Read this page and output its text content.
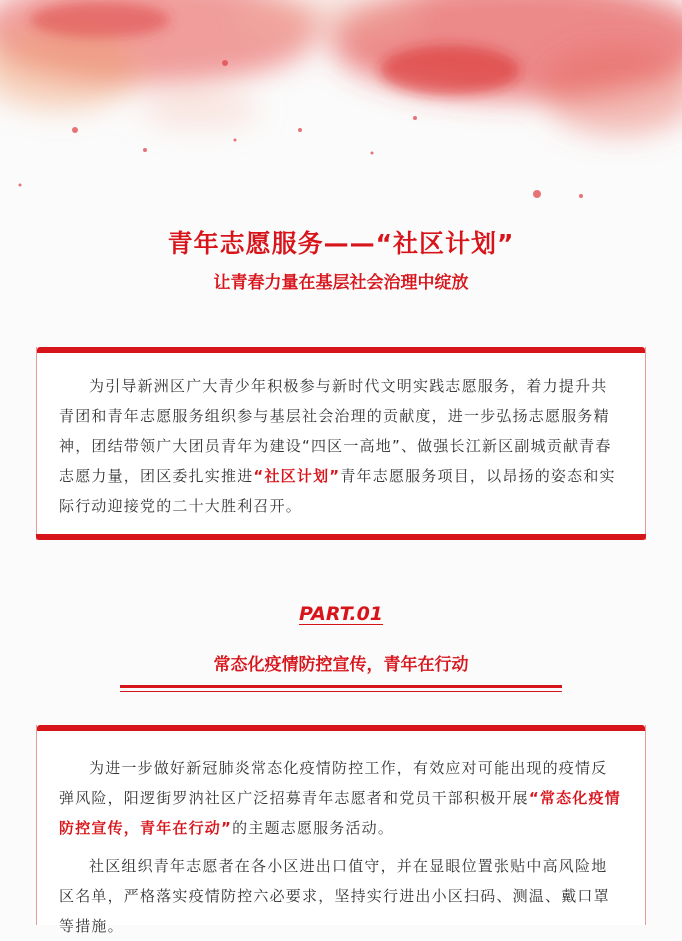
青年志愿服务——“社区计划”
让青春力量在基层社会治理中绽放

为引导新洲区广大青少年积极参与新时代文明实践志愿服务，着力提升共青团和青年志愿服务组织参与基层社会治理的贡献度，进一步弘扬志愿服务精神，团结带领广大团员青年为建设“四区一高地”、做强长江新区副城贡献青春志愿力量，团区委扎实推进“社区计划”青年志愿服务项目，以昂扬的姿态和实际行动迎接党的二十大胜利召开。

PART.01
常态化疫情防控宣传，青年在行动

为进一步做好新冠肺炎常态化疫情防控工作，有效应对可能出现的疫情反弹风险，阳逻街罗汭社区广泛招募青年志愿者和党员干部积极开展“常态化疫情防控宣传，青年在行动”的主题志愿服务活动。

社区组织青年志愿者在各小区进出口值守，并在显眼位置张贴中高风险地区名单，严格落实疫情防控六必要求，坚持实行进出小区扫码、测温、戴口罩等措施。
